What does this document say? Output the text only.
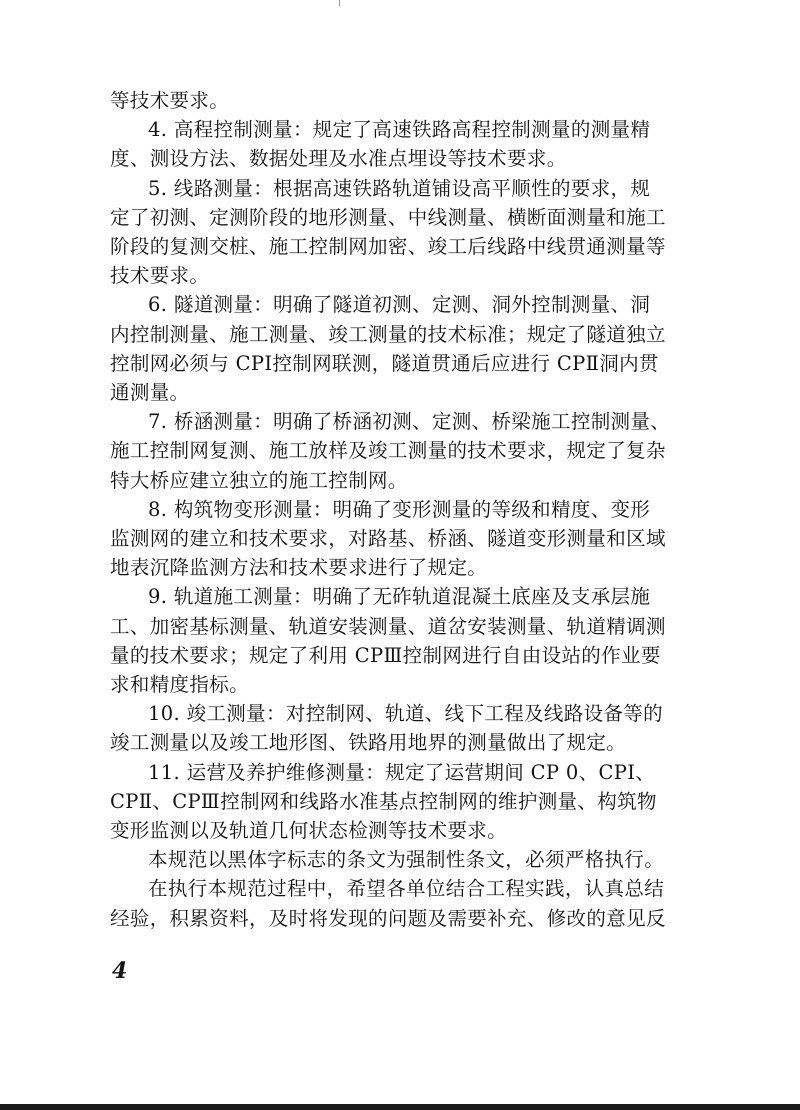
等技术要求。
4. 高程控制测量：规定了高速铁路高程控制测量的测量精
度、测设方法、数据处理及水准点埋设等技术要求。
5. 线路测量：根据高速铁路轨道铺设高平顺性的要求，规
定了初测、定测阶段的地形测量、中线测量、横断面测量和施工
阶段的复测交桩、施工控制网加密、竣工后线路中线贯通测量等
技术要求。
6. 隧道测量：明确了隧道初测、定测、洞外控制测量、洞
内控制测量、施工测量、竣工测量的技术标准；规定了隧道独立
控制网必须与 CPⅠ控制网联测，隧道贯通后应进行 CPⅡ洞内贯
通测量。
7. 桥涵测量：明确了桥涵初测、定测、桥梁施工控制测量、
施工控制网复测、施工放样及竣工测量的技术要求，规定了复杂
特大桥应建立独立的施工控制网。
8. 构筑物变形测量：明确了变形测量的等级和精度、变形
监测网的建立和技术要求，对路基、桥涵、隧道变形测量和区域
地表沉降监测方法和技术要求进行了规定。
9. 轨道施工测量：明确了无砟轨道混凝土底座及支承层施
工、加密基标测量、轨道安装测量、道岔安装测量、轨道精调测
量的技术要求；规定了利用 CPⅢ控制网进行自由设站的作业要
求和精度指标。
10. 竣工测量：对控制网、轨道、线下工程及线路设备等的
竣工测量以及竣工地形图、铁路用地界的测量做出了规定。
11. 运营及养护维修测量：规定了运营期间 CP 0、CPⅠ、
CPⅡ、CPⅢ控制网和线路水准基点控制网的维护测量、构筑物
变形监测以及轨道几何状态检测等技术要求。
本规范以黑体字标志的条文为强制性条文，必须严格执行。
在执行本规范过程中，希望各单位结合工程实践，认真总结
经验，积累资料，及时将发现的问题及需要补充、修改的意见反
4
